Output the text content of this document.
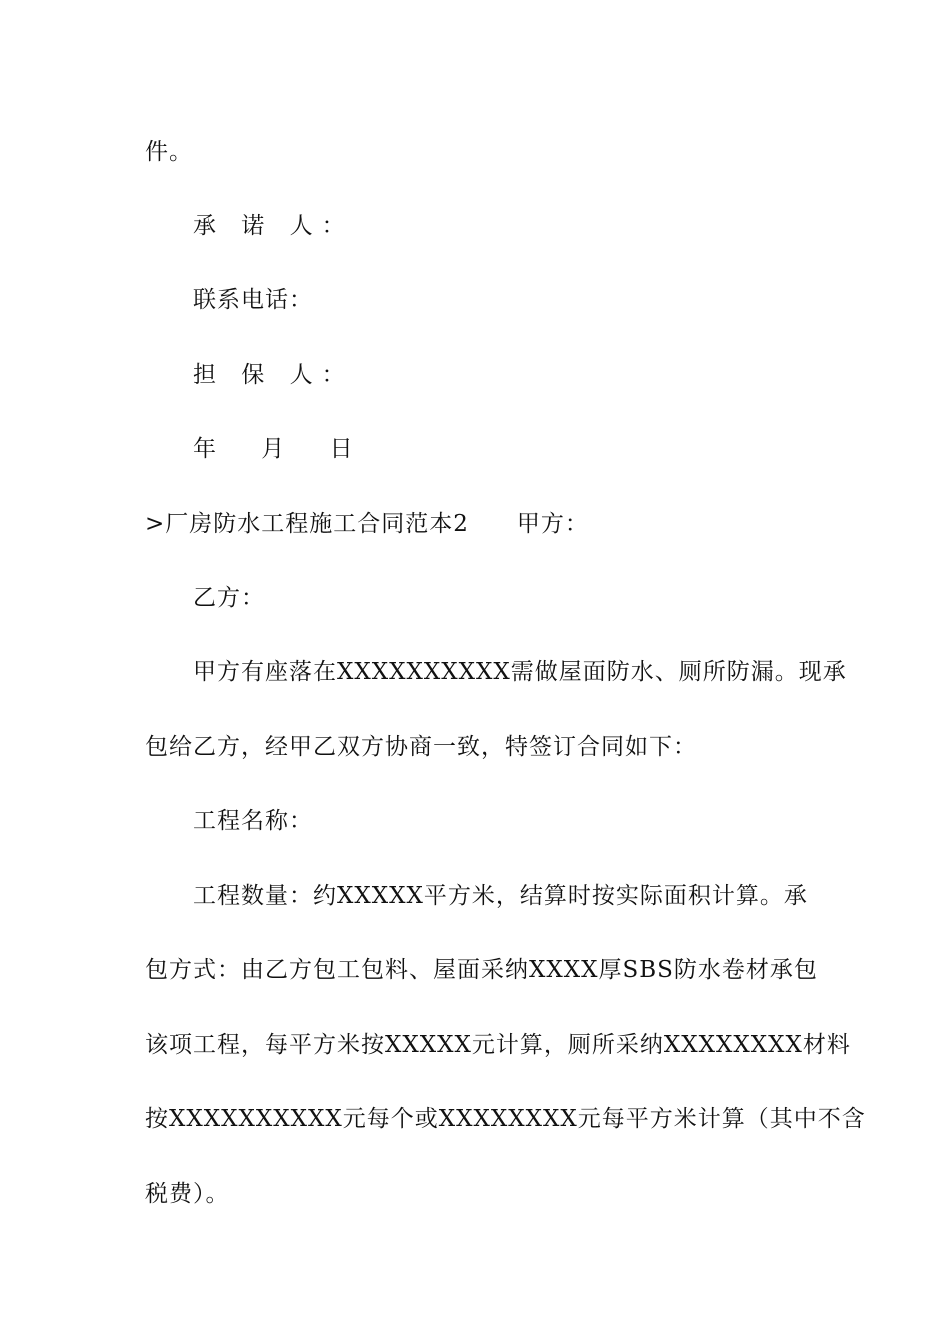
件。
承 诺 人：
联系电话：
担 保 人：
年 月 日
>厂房防水工程施工合同范本2 甲方：
乙方：
甲方有座落在XXXXXXXXXX需做屋面防水、厕所防漏。现承
包给乙方，经甲乙双方协商一致，特签订合同如下：
工程名称：
工程数量：约XXXXX平方米，结算时按实际面积计算。承
包方式：由乙方包工包料、屋面采纳XXXX厚SBS防水卷材承包
该项工程，每平方米按XXXXX元计算，厕所采纳XXXXXXXX材料
按XXXXXXXXXX元每个或XXXXXXXX元每平方米计算（其中不含
税费）。
